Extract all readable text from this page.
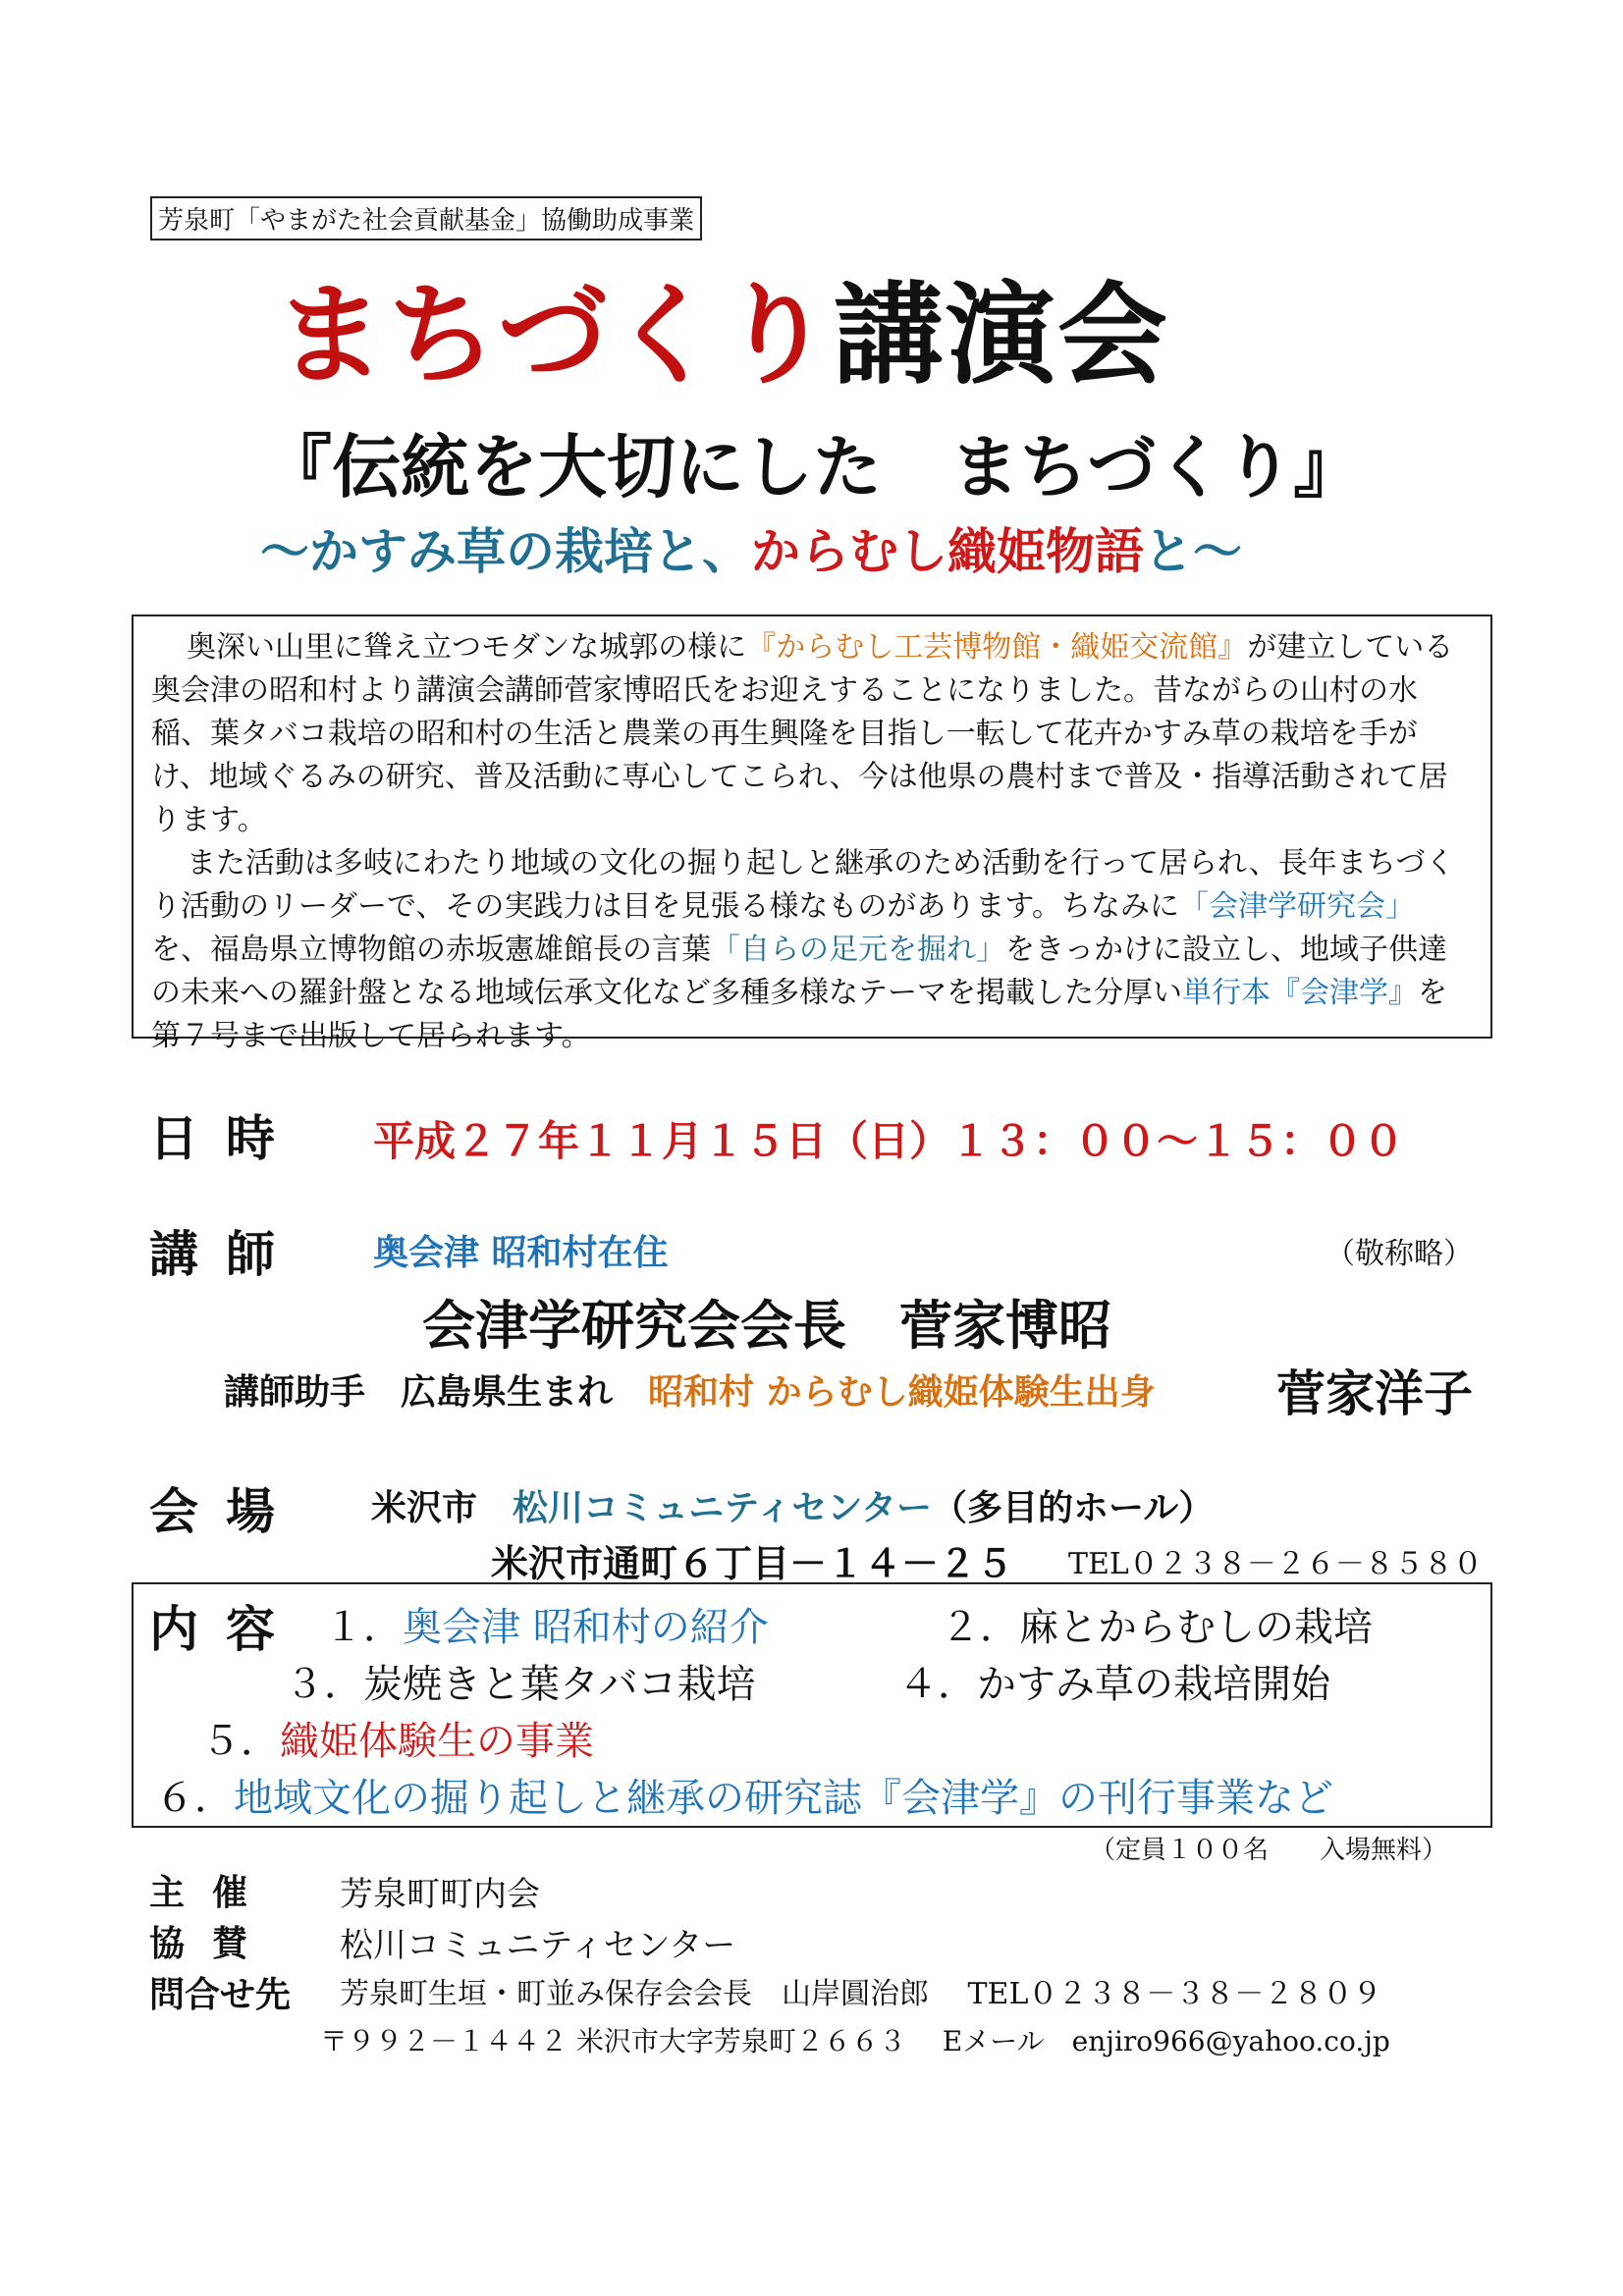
芳泉町「やまがた社会貢献基金」協働助成事業
まちづくり講演会
『伝統を大切にした　まちづくり』
～かすみ草の栽培と、からむし織姫物語と～

奥深い山里に聳え立つモダンな城郭の様に『からむし工芸博物館・織姫交流館』が建立している奥会津の昭和村より講演会講師菅家博昭氏をお迎えすることになりました。昔ながらの山村の水稲、葉タバコ栽培の昭和村の生活と農業の再生興隆を目指し一転して花卉かすみ草の栽培を手がけ、地域ぐるみの研究、普及活動に専心してこられ、今は他県の農村まで普及・指導活動されて居ります。

また活動は多岐にわたり地域の文化の掘り起しと継承のため活動を行って居られ、長年まちづくり活動のリーダーで、その実践力は目を見張る様なものがあります。ちなみに「会津学研究会」を、福島県立博物館の赤坂憲雄館長の言葉「自らの足元を掘れ」をきっかけに設立し、地域子供達の未来への羅針盤となる地域伝承文化など多種多様なテーマを掲載した分厚い単行本『会津学』を第７号まで出版して居られます。

日時 平成２７年１１月１５日（日）１３：００～１５：００
講師 奥会津 昭和村在住	（敬称略）
会津学研究会会長　菅家博昭
講師助手　広島県生まれ　 昭和村 からむし織姫体験生出身 菅家洋子
会場 米沢市　 松川コミュニティセンター（多目的ホール）
米沢市通町６丁目－１４－２５ TEL０２３８－２６－８５８０
内容 １．奥会津 昭和村の紹介	２．麻とからむしの栽培
３．炭焼きと葉タバコ栽培	４．かすみ草の栽培開始
５．織姫体験生の事業
６．地域文化の掘り起しと継承の研究誌『会津学』の刊行事業など
（定員１００名　　入場無料）
主催 芳泉町町内会
協賛 松川コミュニティセンター
問合せ先 芳泉町生垣・町並み保存会会長　山岸圓治郎　 TEL０２３８－３８－２８０９
〒９９２－１４４２ 米沢市大字芳泉町２６６３　 Eメール　enjiro966@yahoo.co.jp
